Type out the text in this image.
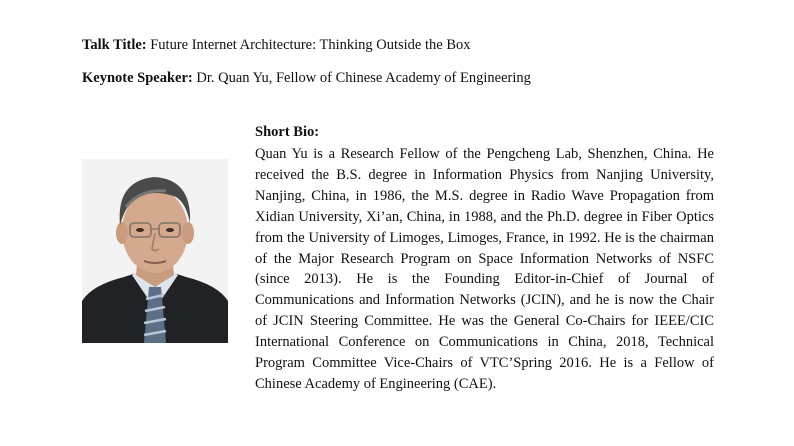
Talk Title: Future Internet Architecture: Thinking Outside the Box
Keynote Speaker: Dr. Quan Yu, Fellow of Chinese Academy of Engineering

Short Bio:

Quan Yu is a Research Fellow of the Pengcheng Lab, Shenzhen, China. He received the B.S. degree in Information Physics from Nanjing University, Nanjing, China, in 1986, the M.S. degree in Radio Wave Propagation from Xidian University, Xi’an, China, in 1988, and the Ph.D. degree in Fiber Optics from the University of Limoges, Limoges, France, in 1992. He is the chairman of the Major Research Program on Space Information Networks of NSFC (since 2013). He is the Founding Editor-in-Chief of Journal of Communications and Information Networks (JCIN), and he is now the Chair of JCIN Steering Committee. He was the General Co-Chairs for IEEE/CIC International Conference on Communications in China, 2018, Technical Program Committee Vice-Chairs of VTC’Spring 2016. He is a Fellow of Chinese Academy of Engineering (CAE).
